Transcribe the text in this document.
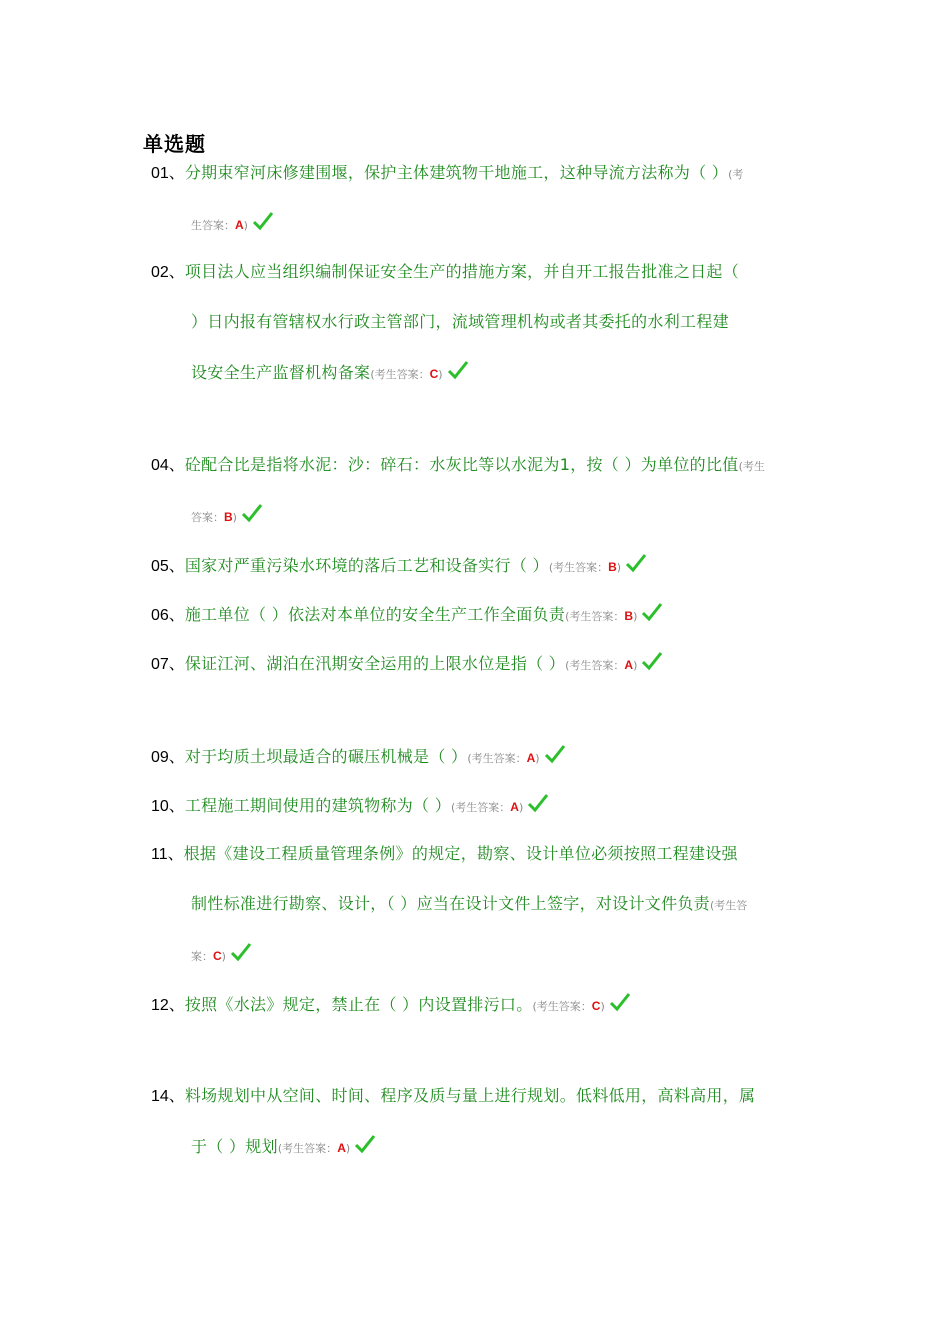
单选题
01、分期束窄河床修建围堰，保护主体建筑物干地施工，这种导流方法称为（ ）(考
生答案：A)
02、项目法人应当组织编制保证安全生产的措施方案，并自开工报告批准之日起（
）日内报有管辖权水行政主管部门，流域管理机构或者其委托的水利工程建
设安全生产监督机构备案(考生答案：C)
04、砼配合比是指将水泥：沙：碎石：水灰比等以水泥为1，按（ ）为单位的比值(考生
答案：B)
05、国家对严重污染水环境的落后工艺和设备实行（ ）(考生答案：B)
06、施工单位（ ）依法对本单位的安全生产工作全面负责(考生答案：B)
07、保证江河、湖泊在汛期安全运用的上限水位是指（ ）(考生答案：A)
09、对于均质土坝最适合的碾压机械是（ ）(考生答案：A)
10、工程施工期间使用的建筑物称为（ ）(考生答案：A)
11、根据《建设工程质量管理条例》的规定，勘察、设计单位必须按照工程建设强
制性标准进行勘察、设计，（ ）应当在设计文件上签字，对设计文件负责(考生答
案：C)
12、按照《水法》规定，禁止在（ ）内设置排污口。(考生答案：C)
14、料场规划中从空间、时间、程序及质与量上进行规划。低料低用，高料高用，属
于（ ）规划(考生答案：A)
